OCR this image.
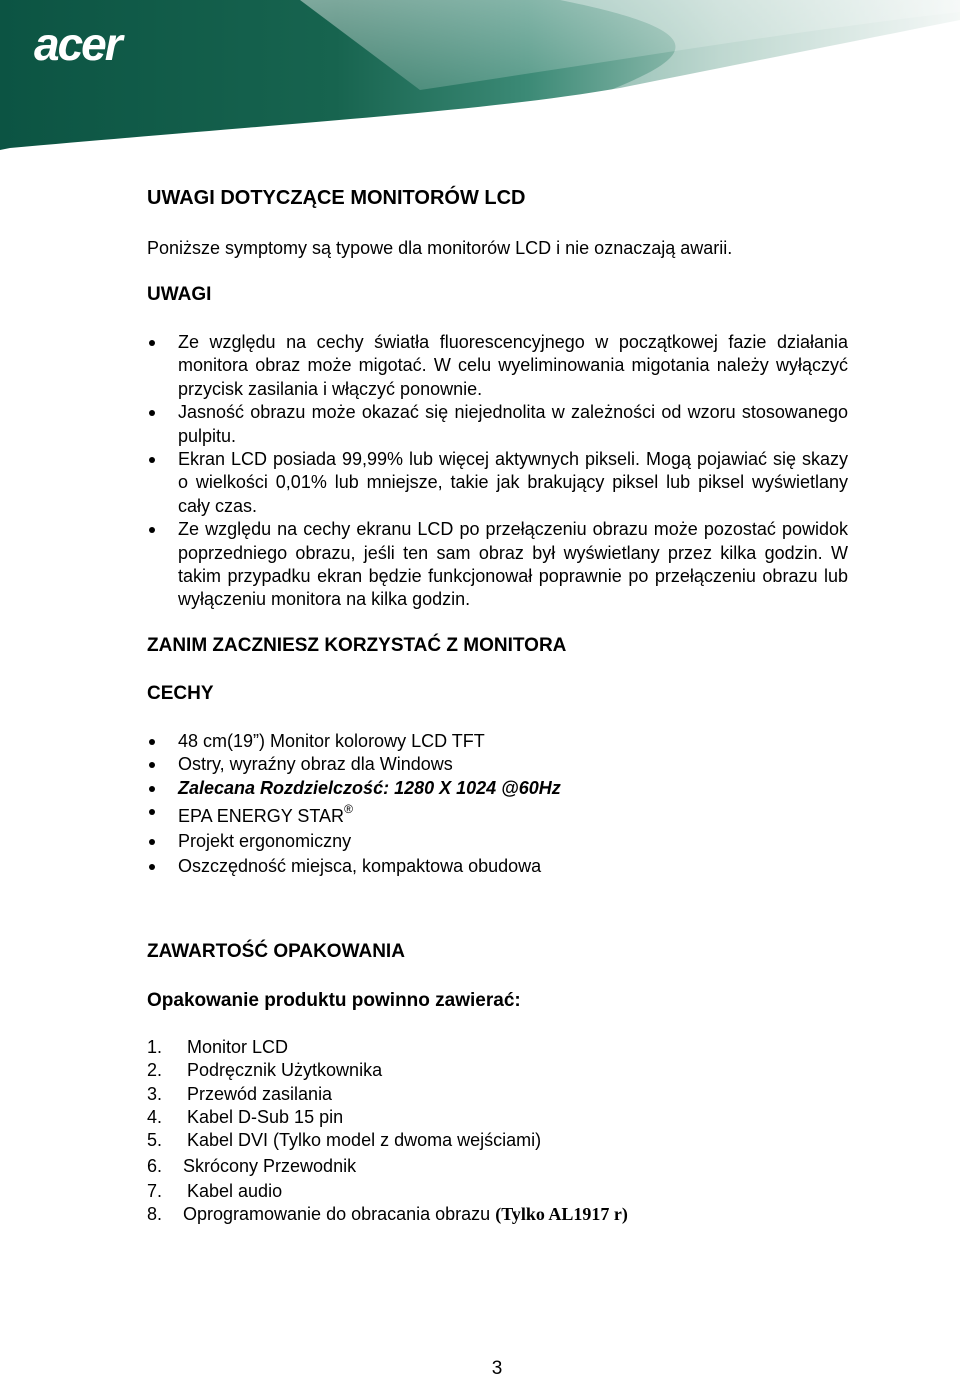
acer
UWAGI DOTYCZĄCE MONITORÓW LCD
Poniższe symptomy są typowe dla monitorów LCD i nie oznaczają awarii.
UWAGI
Ze względu na cechy światła fluorescencyjnego w początkowej fazie działania monitora obraz może migotać. W celu wyeliminowania migotania należy wyłączyć przycisk zasilania i włączyć ponownie.
Jasność obrazu może okazać się niejednolita w zależności od wzoru stosowanego pulpitu.
Ekran LCD posiada 99,99% lub więcej aktywnych pikseli. Mogą pojawiać się skazy o wielkości 0,01% lub mniejsze, takie jak brakujący piksel lub piksel wyświetlany cały czas.
Ze względu na cechy ekranu LCD po przełączeniu obrazu może pozostać powidok poprzedniego obrazu, jeśli ten sam obraz był wyświetlany przez kilka godzin. W takim przypadku ekran będzie funkcjonował poprawnie po przełączeniu obrazu lub wyłączeniu monitora na kilka godzin.
ZANIM ZACZNIESZ KORZYSTAĆ Z MONITORA
CECHY
48 cm(19”) Monitor kolorowy LCD TFT
Ostry, wyraźny obraz dla Windows
Zalecana Rozdzielczość: 1280 X 1024 @60Hz
EPA ENERGY STAR®
Projekt ergonomiczny
Oszczędność miejsca, kompaktowa obudowa
ZAWARTOŚĆ OPAKOWANIA
Opakowanie produktu powinno zawierać:
1. Monitor LCD
2. Podręcznik Użytkownika
3. Przewód zasilania
4. Kabel D-Sub 15 pin
5. Kabel DVI (Tylko model z dwoma wejściami)
6. Skrócony Przewodnik
7. Kabel audio
8. Oprogramowanie do obracania obrazu (Tylko AL1917 r)
3
